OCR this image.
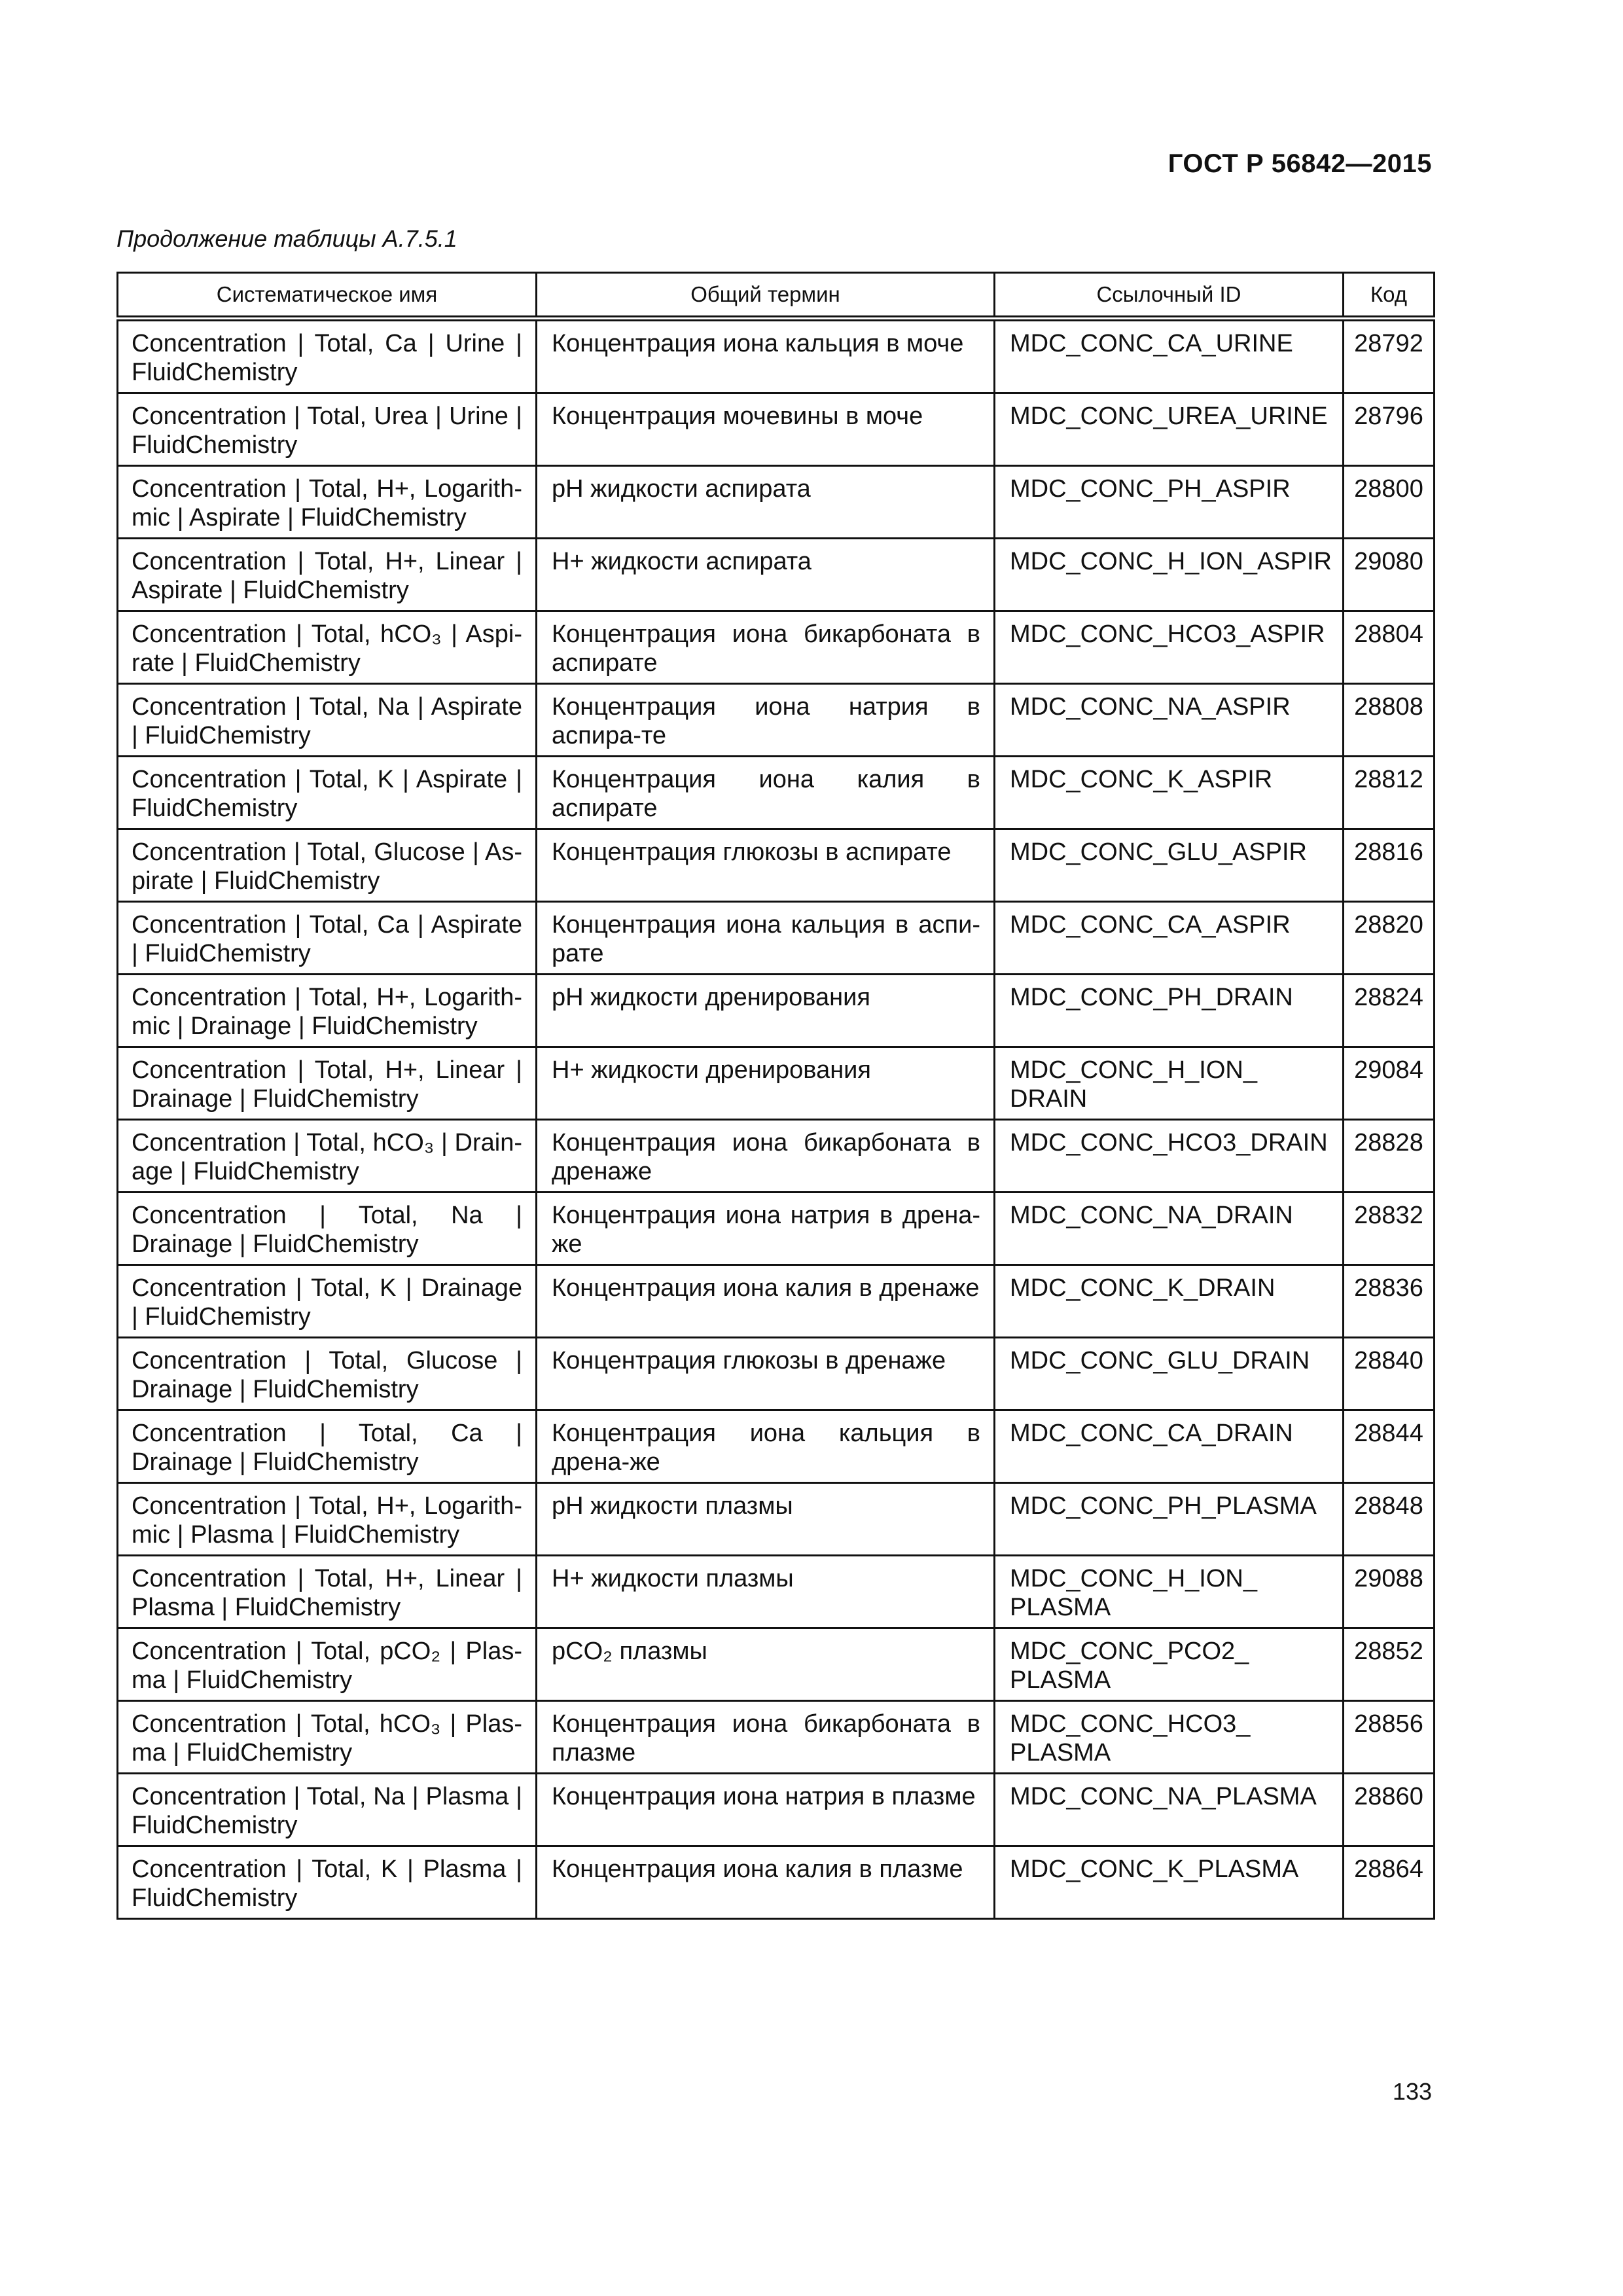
ГОСТ Р 56842—2015
Продолжение таблицы А.7.5.1
Систематическое имя	Общий термин	Ссылочный ID	Код
Concentration | Total, Ca | Urine | FluidChemistry	Концентрация иона кальция в моче	MDC_CONC_CA_URINE	28792
Concentration | Total, Urea | Urine | FluidChemistry	Концентрация мочевины в моче	MDC_CONC_UREA_URINE	28796
Concentration | Total, H+, Logarith-mic | Aspirate | FluidChemistry	pH жидкости аспирата	MDC_CONC_PH_ASPIR	28800
Concentration | Total, H+, Linear | Aspirate | FluidChemistry	H+ жидкости аспирата	MDC_CONC_H_ION_ASPIR	29080
Concentration | Total, hCO₃ | Aspi-rate | FluidChemistry	Концентрация иона бикарбоната в аспирате	MDC_CONC_HCO3_ASPIR	28804
Concentration | Total, Na | Aspirate | FluidChemistry	Концентрация иона натрия в аспира-те	MDC_CONC_NA_ASPIR	28808
Concentration | Total, K | Aspirate | FluidChemistry	Концентрация иона калия в аспирате	MDC_CONC_K_ASPIR	28812
Concentration | Total, Glucose | As-pirate | FluidChemistry	Концентрация глюкозы в аспирате	MDC_CONC_GLU_ASPIR	28816
Concentration | Total, Ca | Aspirate | FluidChemistry	Концентрация иона кальция в аспи-рате	MDC_CONC_CA_ASPIR	28820
Concentration | Total, H+, Logarith-mic | Drainage | FluidChemistry	pH жидкости дренирования	MDC_CONC_PH_DRAIN	28824
Concentration | Total, H+, Linear | Drainage | FluidChemistry	H+ жидкости дренирования	MDC_CONC_H_ION_ DRAIN	29084
Concentration | Total, hCO₃ | Drain-age | FluidChemistry	Концентрация иона бикарбоната в дренаже	MDC_CONC_HCO3_DRAIN	28828
Concentration | Total, Na | Drainage | FluidChemistry	Концентрация иона натрия в дрена-же	MDC_CONC_NA_DRAIN	28832
Concentration | Total, K | Drainage | FluidChemistry	Концентрация иона калия в дренаже	MDC_CONC_K_DRAIN	28836
Concentration | Total, Glucose | Drainage | FluidChemistry	Концентрация глюкозы в дренаже	MDC_CONC_GLU_DRAIN	28840
Concentration | Total, Ca | Drainage | FluidChemistry	Концентрация иона кальция в дрена-же	MDC_CONC_CA_DRAIN	28844
Concentration | Total, H+, Logarith-mic | Plasma | FluidChemistry	pH жидкости плазмы	MDC_CONC_PH_PLASMA	28848
Concentration | Total, H+, Linear | Plasma | FluidChemistry	H+ жидкости плазмы	MDC_CONC_H_ION_ PLASMA	29088
Concentration | Total, pCO₂ | Plas-ma | FluidChemistry	pCO₂ плазмы	MDC_CONC_PCO2_ PLASMA	28852
Concentration | Total, hCO₃ | Plas-ma | FluidChemistry	Концентрация иона бикарбоната в плазме	MDC_CONC_HCO3_ PLASMA	28856
Concentration | Total, Na | Plasma | FluidChemistry	Концентрация иона натрия в плазме	MDC_CONC_NA_PLASMA	28860
Concentration | Total, K | Plasma | FluidChemistry	Концентрация иона калия в плазме	MDC_CONC_K_PLASMA	28864
133
